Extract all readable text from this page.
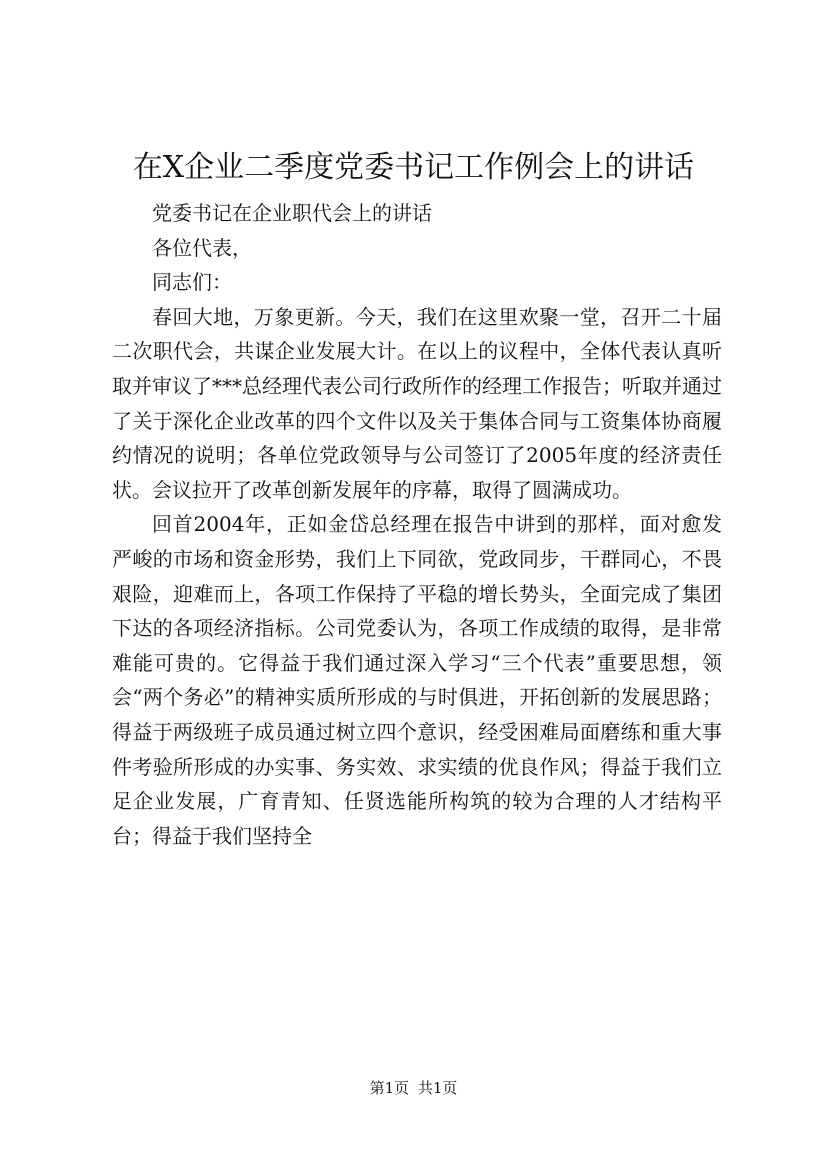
在X企业二季度党委书记工作例会上的讲话

党委书记在企业职代会上的讲话

各位代表，

同志们：

春回大地，万象更新。今天，我们在这里欢聚一堂，召开二十届二次职代会，共谋企业发展大计。在以上的议程中，全体代表认真听取并审议了***总经理代表公司行政所作的经理工作报告；听取并通过了关于深化企业改革的四个文件以及关于集体合同与工资集体协商履约情况的说明；各单位党政领导与公司签订了2005年度的经济责任状。会议拉开了改革创新发展年的序幕，取得了圆满成功。

回首2004年，正如金岱总经理在报告中讲到的那样，面对愈发严峻的市场和资金形势，我们上下同欲，党政同步，干群同心，不畏艰险，迎难而上，各项工作保持了平稳的增长势头，全面完成了集团下达的各项经济指标。公司党委认为，各项工作成绩的取得，是非常难能可贵的。它得益于我们通过深入学习“三个代表”重要思想，领会“两个务必”的精神实质所形成的与时俱进，开拓创新的发展思路；得益于两级班子成员通过树立四个意识，经受困难局面磨练和重大事件考验所形成的办实事、务实效、求实绩的优良作风；得益于我们立足企业发展，广育青知、任贤选能所构筑的较为合理的人才结构平台；得益于我们坚持全

第1页 共1页
